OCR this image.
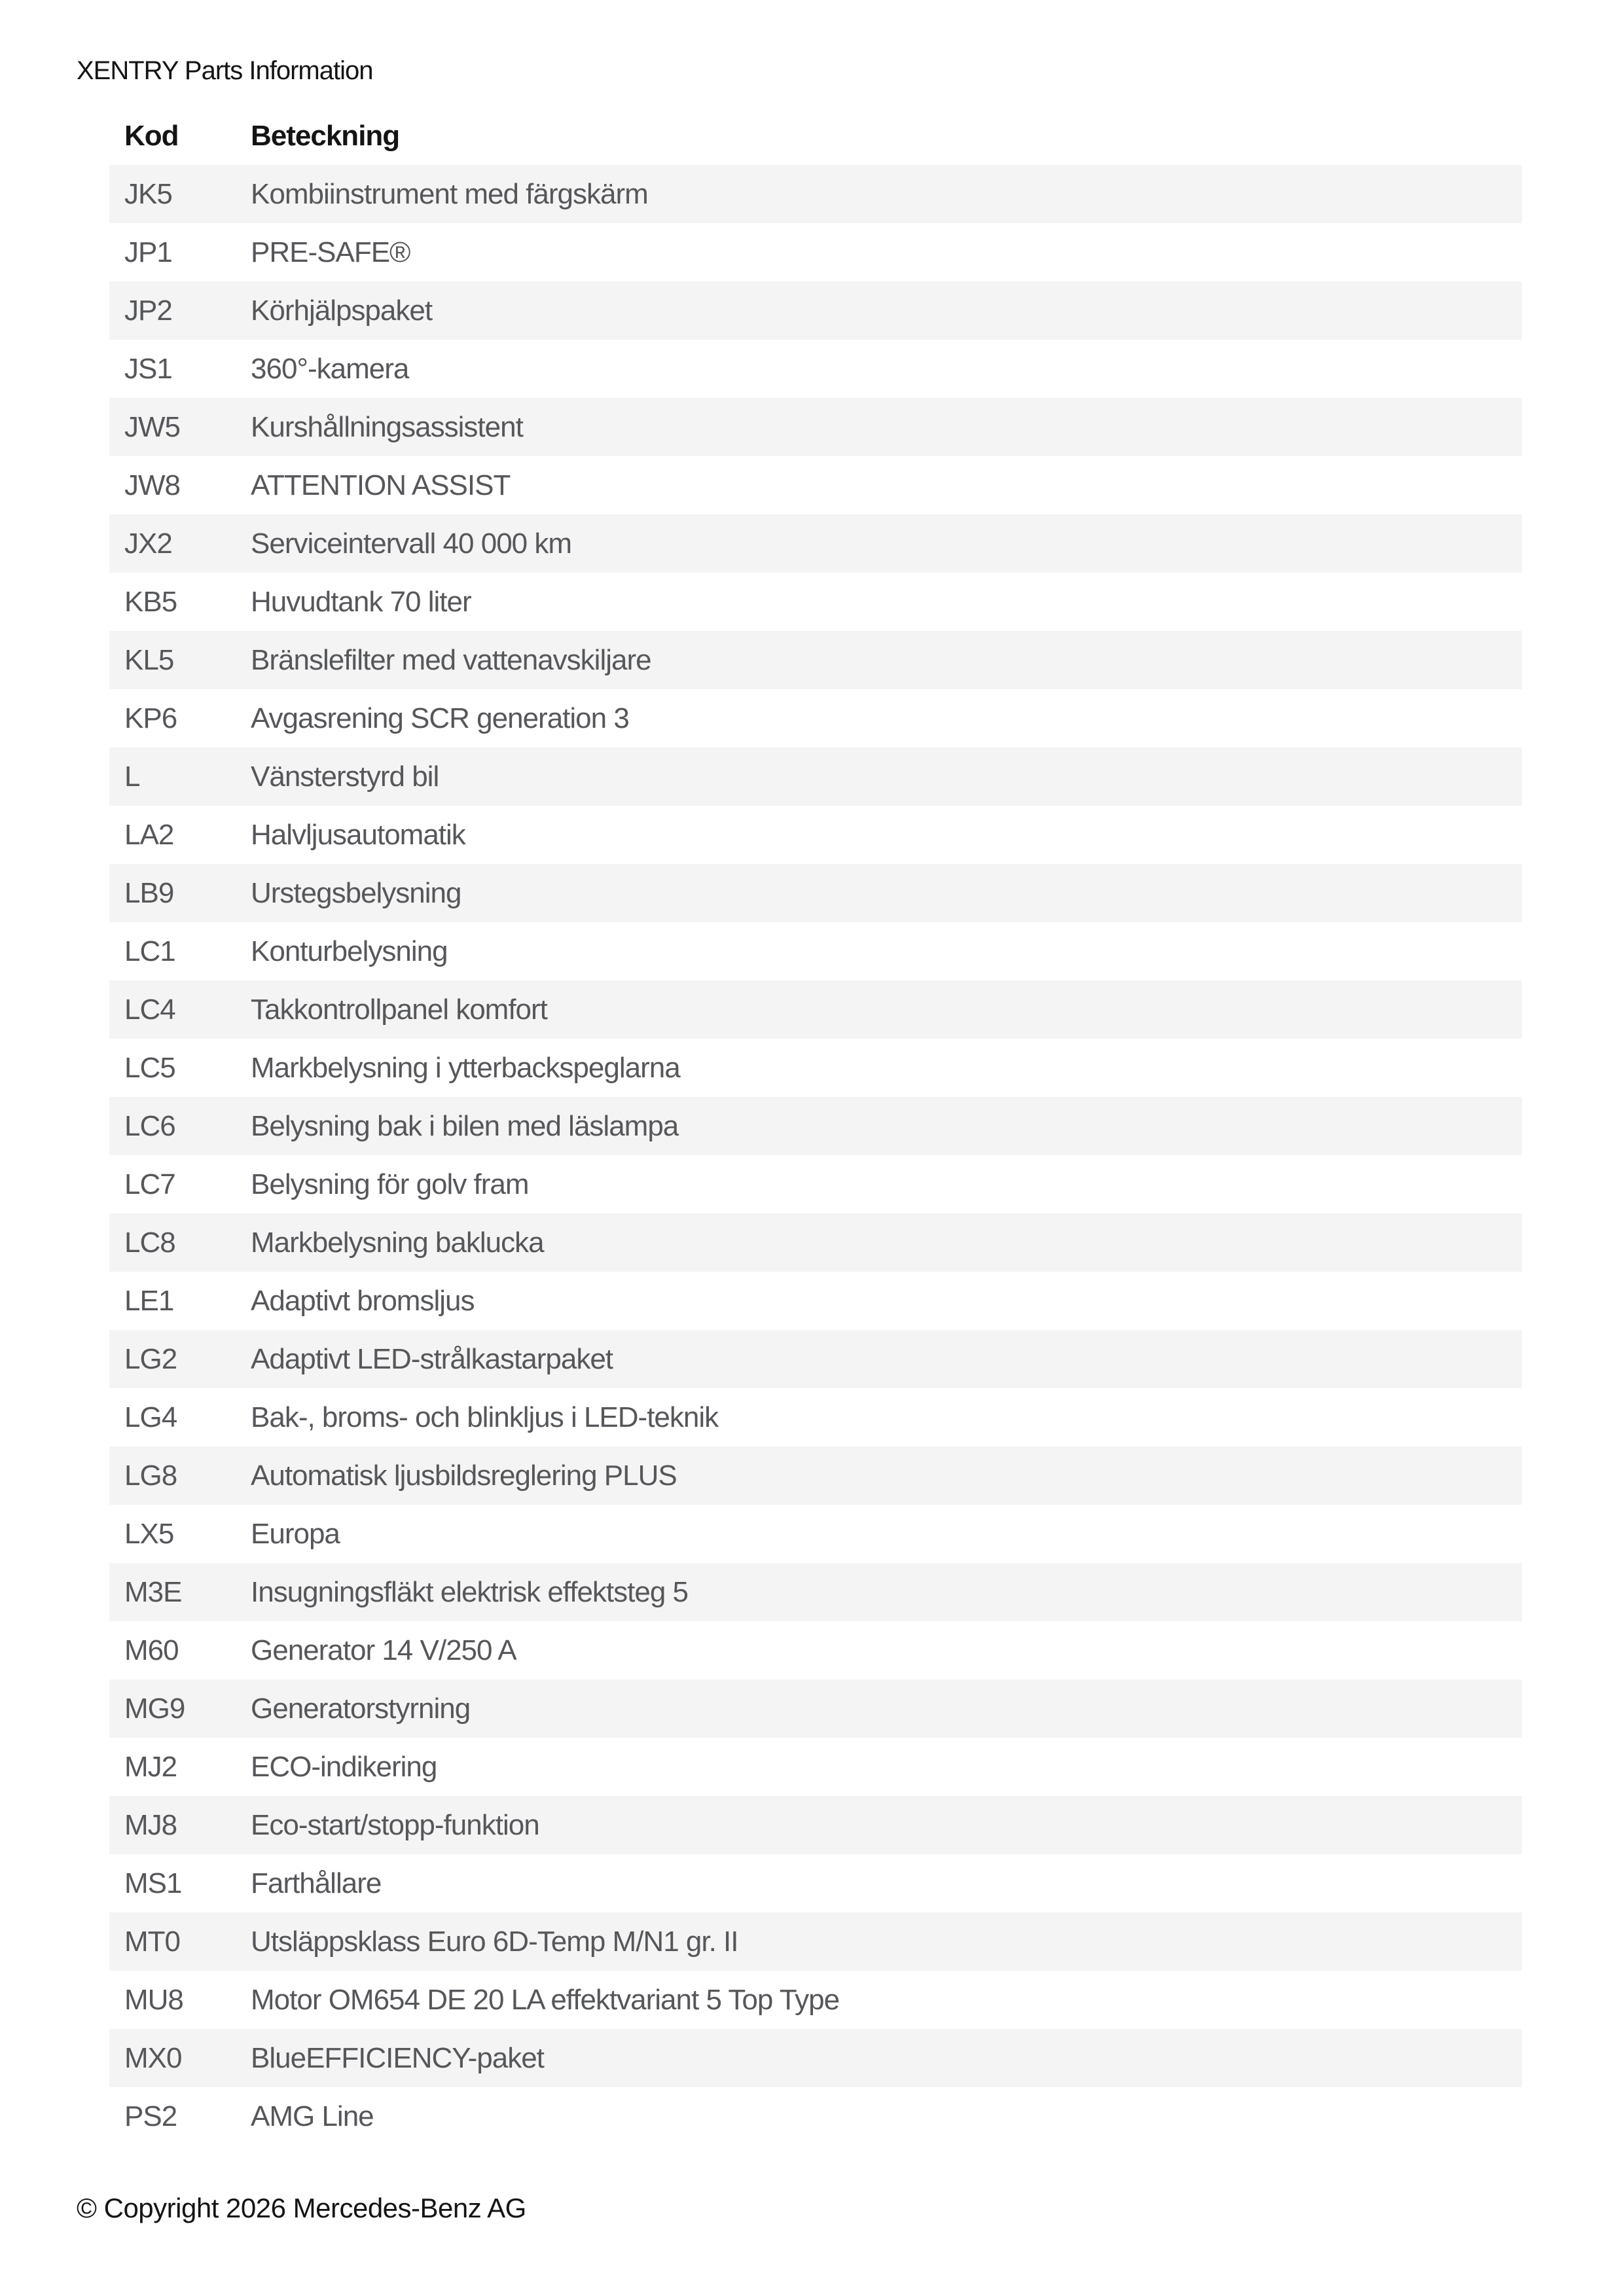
XENTRY Parts Information
Kod	Beteckning
JK5	Kombiinstrument med färgskärm
JP1	PRE-SAFE®
JP2	Körhjälpspaket
JS1	360°-kamera
JW5	Kurshållningsassistent
JW8	ATTENTION ASSIST
JX2	Serviceintervall 40 000 km
KB5	Huvudtank 70 liter
KL5	Bränslefilter med vattenavskiljare
KP6	Avgasrening SCR generation 3
L	Vänsterstyrd bil
LA2	Halvljusautomatik
LB9	Urstegsbelysning
LC1	Konturbelysning
LC4	Takkontrollpanel komfort
LC5	Markbelysning i ytterbackspeglarna
LC6	Belysning bak i bilen med läslampa
LC7	Belysning för golv fram
LC8	Markbelysning baklucka
LE1	Adaptivt bromsljus
LG2	Adaptivt LED-strålkastarpaket
LG4	Bak-, broms- och blinkljus i LED-teknik
LG8	Automatisk ljusbildsreglering PLUS
LX5	Europa
M3E	Insugningsfläkt elektrisk effektsteg 5
M60	Generator 14 V/250 A
MG9	Generatorstyrning
MJ2	ECO-indikering
MJ8	Eco-start/stopp-funktion
MS1	Farthållare
MT0	Utsläppsklass Euro 6D-Temp M/N1 gr. II
MU8	Motor OM654 DE 20 LA effektvariant 5 Top Type
MX0	BlueEFFICIENCY-paket
PS2	AMG Line
© Copyright 2026 Mercedes-Benz AG
